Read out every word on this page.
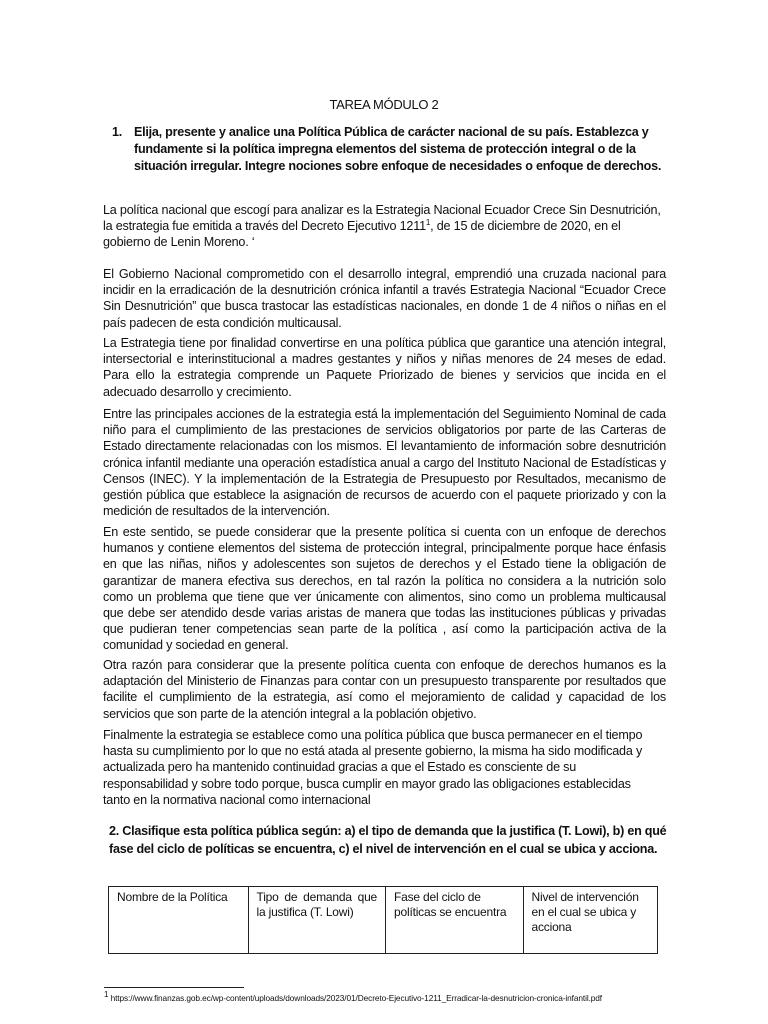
TAREA MÓDULO 2
1. Elija, presente y analice una Política Pública de carácter nacional de su país. Establezca y fundamente si la política impregna elementos del sistema de protección integral o de la situación irregular. Integre nociones sobre enfoque de necesidades o enfoque de derechos.

La política nacional que escogí para analizar es la Estrategia Nacional Ecuador Crece Sin Desnutrición, la estrategia fue emitida a través del Decreto Ejecutivo 1211$^1$, de 15 de diciembre de 2020, en el gobierno de Lenin Moreno. ‘

El Gobierno Nacional comprometido con el desarrollo integral, emprendió una cruzada nacional para incidir en la erradicación de la desnutrición crónica infantil a través Estrategia Nacional “Ecuador Crece Sin Desnutrición” que busca trastocar las estadísticas nacionales, en donde 1 de 4 niños o niñas en el país padecen de esta condición multicausal.

La Estrategia tiene por finalidad convertirse en una política pública que garantice una atención integral, intersectorial e interinstitucional a madres gestantes y niños y niñas menores de 24 meses de edad. Para ello la estrategia comprende un Paquete Priorizado de bienes y servicios que incida en el adecuado desarrollo y crecimiento.

Entre las principales acciones de la estrategia está la implementación del Seguimiento Nominal de cada niño para el cumplimiento de las prestaciones de servicios obligatorios por parte de las Carteras de Estado directamente relacionadas con los mismos. El levantamiento de información sobre desnutrición crónica infantil mediante una operación estadística anual a cargo del Instituto Nacional de Estadísticas y Censos (INEC). Y la implementación de la Estrategia de Presupuesto por Resultados, mecanismo de gestión pública que establece la asignación de recursos de acuerdo con el paquete priorizado y con la medición de resultados de la intervención.

En este sentido, se puede considerar que la presente política si cuenta con un enfoque de derechos humanos y contiene elementos del sistema de protección integral, principalmente porque hace énfasis en que las niñas, niños y adolescentes son sujetos de derechos y el Estado tiene la obligación de garantizar de manera efectiva sus derechos, en tal razón la política no considera a la nutrición solo como un problema que tiene que ver únicamente con alimentos, sino como un problema multicausal que debe ser atendido desde varias aristas de manera que todas las instituciones públicas y privadas que pudieran tener competencias sean parte de la política , así como la participación activa de la comunidad y sociedad en general.

Otra razón para considerar que la presente política cuenta con enfoque de derechos humanos es la adaptación del Ministerio de Finanzas para contar con un presupuesto transparente por resultados que facilite el cumplimiento de la estrategia, así como el mejoramiento de calidad y capacidad de los servicios que son parte de la atención integral a la población objetivo.

Finalmente la estrategia se establece como una política pública que busca permanecer en el tiempo hasta su cumplimiento por lo que no está atada al presente gobierno, la misma ha sido modificada y actualizada pero ha mantenido continuidad gracias a que el Estado es consciente de su responsabilidad y sobre todo porque, busca cumplir en mayor grado las obligaciones establecidas tanto en la normativa nacional como internacional

2. Clasifique esta política pública según: a) el tipo de demanda que la justifica (T. Lowi), b) en qué fase del ciclo de políticas se encuentra, c) el nivel de intervención en el cual se ubica y acciona.
Nombre de la Política	Tipo de demanda que la justifica (T. Lowi)	Fase del ciclo de políticas se encuentra	Nivel de intervención en el cual se ubica y acciona
$^1$ https://www.finanzas.gob.ec/wp-content/uploads/downloads/2023/01/Decreto-Ejecutivo-1211_Erradicar-la-desnutricion-cronica-infantil.pdf
